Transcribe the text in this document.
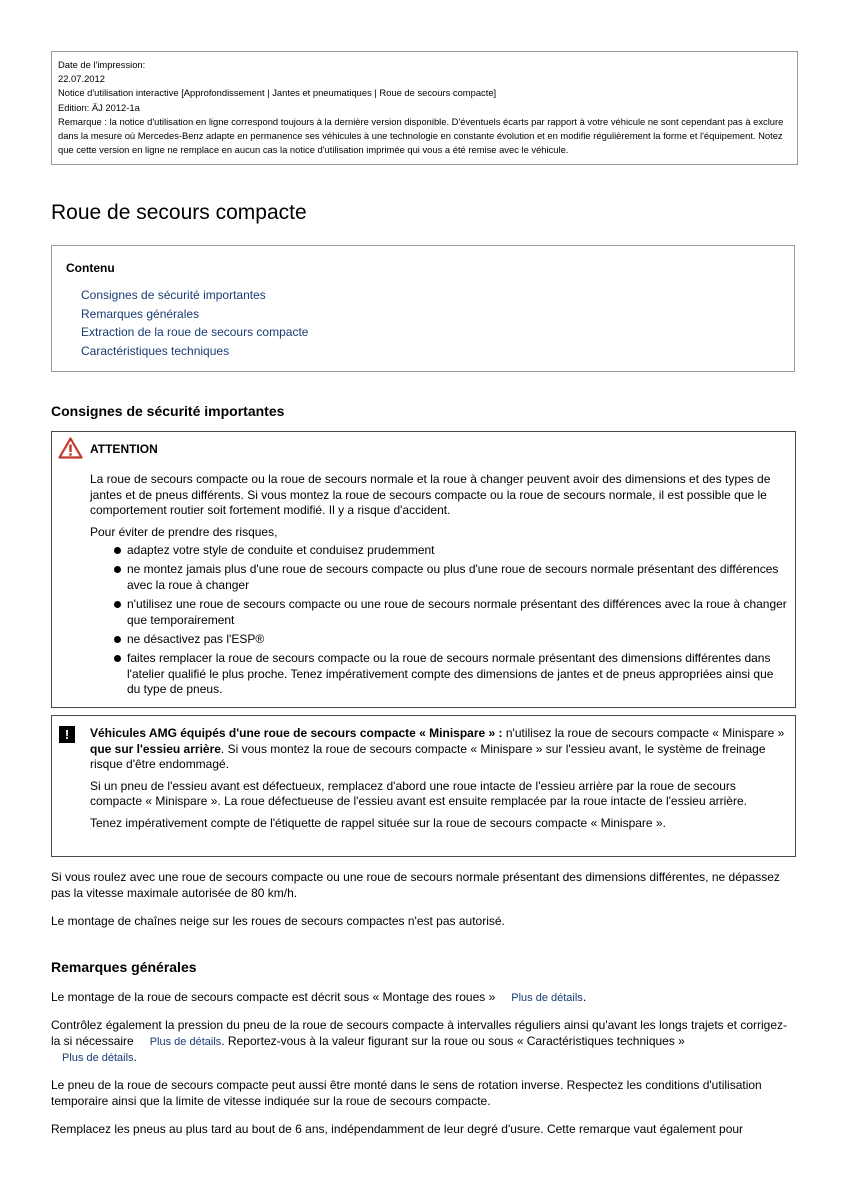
Date de l'impression:
22.07.2012
Notice d'utilisation interactive [Approfondissement | Jantes et pneumatiques | Roue de secours compacte]
Edition: ÄJ 2012-1a
Remarque : la notice d'utilisation en ligne correspond toujours à la dernière version disponible. D'éventuels écarts par rapport à votre véhicule ne sont cependant pas à exclure dans la mesure où Mercedes-Benz adapte en permanence ses véhicules à une technologie en constante évolution et en modifie régulièrement la forme et l'équipement. Notez que cette version en ligne ne remplace en aucun cas la notice d'utilisation imprimée qui vous a été remise avec le véhicule.
Roue de secours compacte
Contenu
Consignes de sécurité importantes
Remarques générales
Extraction de la roue de secours compacte
Caractéristiques techniques
Consignes de sécurité importantes
ATTENTION

La roue de secours compacte ou la roue de secours normale et la roue à changer peuvent avoir des dimensions et des types de jantes et de pneus différents. Si vous montez la roue de secours compacte ou la roue de secours normale, il est possible que le comportement routier soit fortement modifié. Il y a risque d'accident.

Pour éviter de prendre des risques,

adaptez votre style de conduite et conduisez prudemment
ne montez jamais plus d'une roue de secours compacte ou plus d'une roue de secours normale présentant des différences avec la roue à changer
n'utilisez une roue de secours compacte ou une roue de secours normale présentant des différences avec la roue à changer que temporairement
ne désactivez pas l'ESP®
faites remplacer la roue de secours compacte ou la roue de secours normale présentant des dimensions différentes dans l'atelier qualifié le plus proche. Tenez impérativement compte des dimensions de jantes et de pneus appropriées ainsi que du type de pneus.
!	Véhicules AMG équipés d'une roue de secours compacte « Minispare » : n'utilisez la roue de secours compacte « Minispare » que sur l'essieu arrière. Si vous montez la roue de secours compacte « Minispare » sur l'essieu avant, le système de freinage risque d'être endommagé.

Si un pneu de l'essieu avant est défectueux, remplacez d'abord une roue intacte de l'essieu arrière par la roue de secours compacte « Minispare ». La roue défectueuse de l'essieu avant est ensuite remplacée par la roue intacte de l'essieu arrière.

Tenez impérativement compte de l'étiquette de rappel située sur la roue de secours compacte « Minispare ».

Si vous roulez avec une roue de secours compacte ou une roue de secours normale présentant des dimensions différentes, ne dépassez pas la vitesse maximale autorisée de 80 km/h.

Le montage de chaînes neige sur les roues de secours compactes n'est pas autorisé.

Remarques générales

Le montage de la roue de secours compacte est décrit sous « Montage des roues » Plus de détails.

Contrôlez également la pression du pneu de la roue de secours compacte à intervalles réguliers ainsi qu'avant les longs trajets et corrigez-la si nécessaire Plus de détails. Reportez-vous à la valeur figurant sur la roue ou sous « Caractéristiques techniques »
Plus de détails.

Le pneu de la roue de secours compacte peut aussi être monté dans le sens de rotation inverse. Respectez les conditions d'utilisation temporaire ainsi que la limite de vitesse indiquée sur la roue de secours compacte.

Remplacez les pneus au plus tard au bout de 6 ans, indépendamment de leur degré d'usure. Cette remarque vaut également pour
